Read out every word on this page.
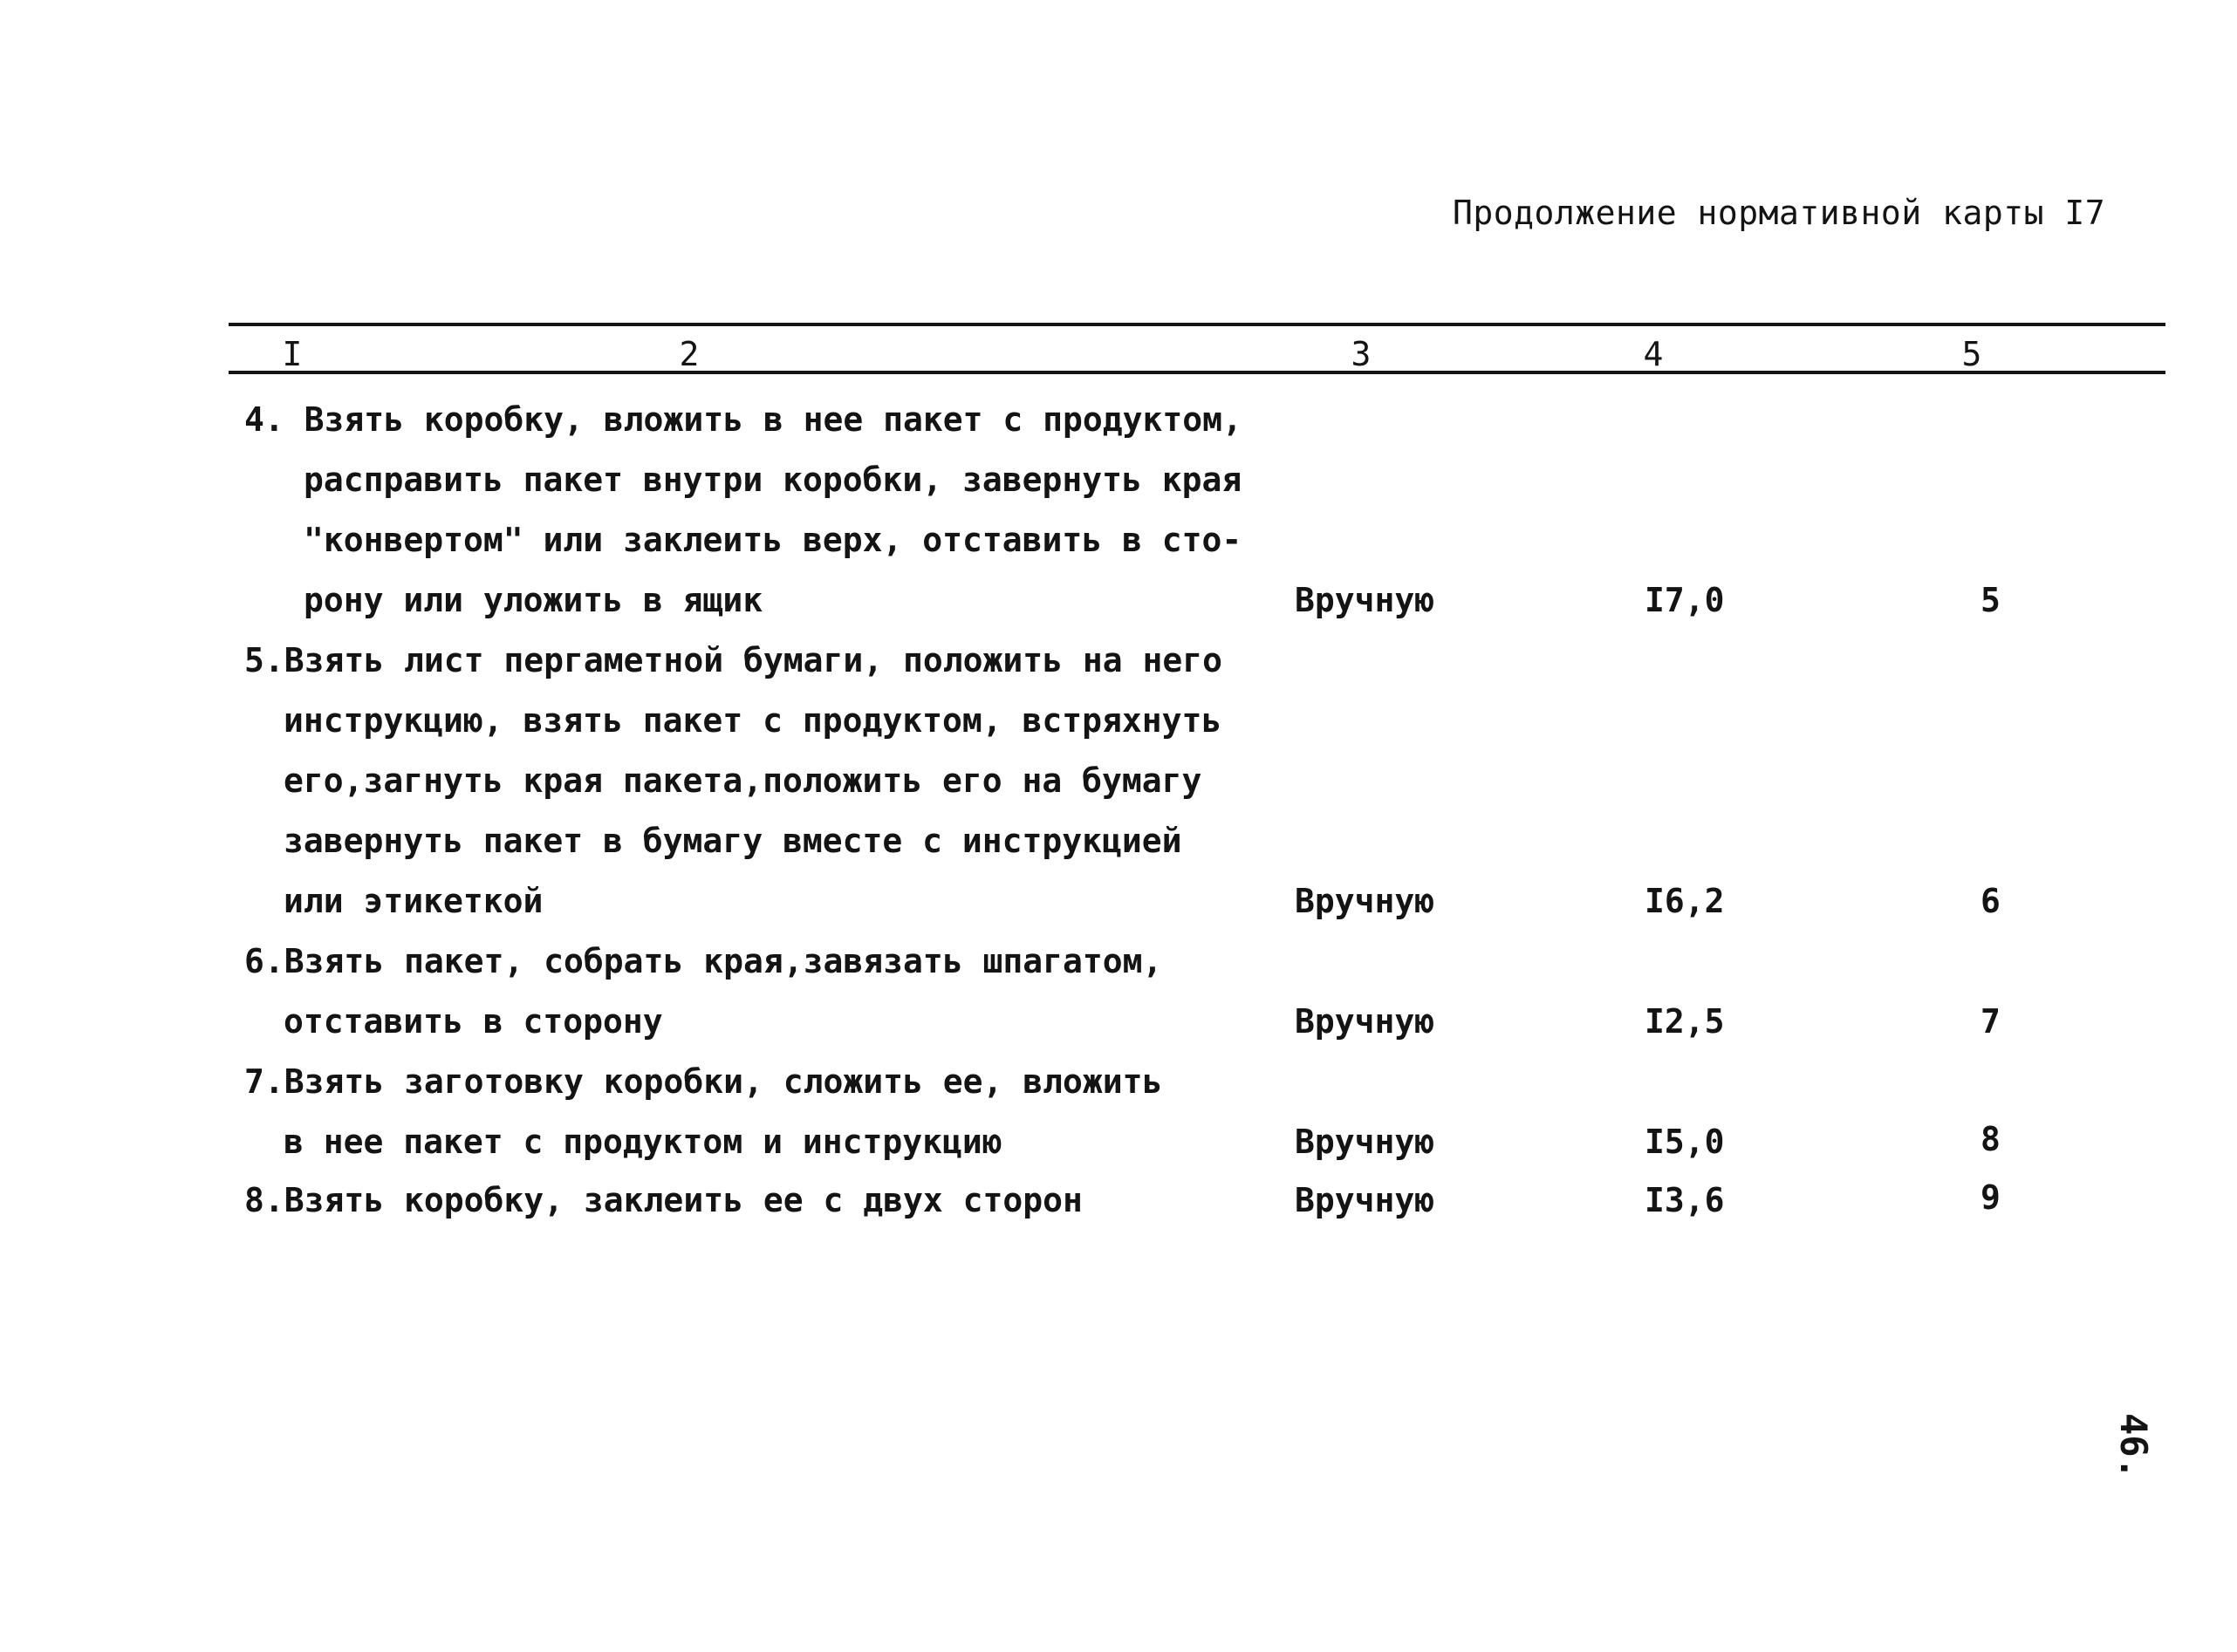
Продолжение нормативной карты I7
I	2	3	4	5
4. Взять коробку, вложить в нее пакет с продуктом,
расправить пакет внутри коробки, завернуть края
"конвертом" или заклеить верх, отставить в сто-
рону или уложить в ящик	Вручную	I7,0	5
5.Взять лист пергаметной бумаги, положить на него
инструкцию, взять пакет с продуктом, встряхнуть
его,загнуть края пакета,положить его на бумагу
завернуть пакет в бумагу вместе с инструкцией
или этикеткой	Вручную	I6,2	6
6.Взять пакет, собрать края,завязать шпагатом,
отставить в сторону	Вручную	I2,5	7
7.Взять заготовку коробки, сложить ее, вложить
в нее пакет с продуктом и инструкцию	Вручную	I5,0	8
8.Взять коробку, заклеить ее с двух сторон	Вручную	I3,6	9
46.
